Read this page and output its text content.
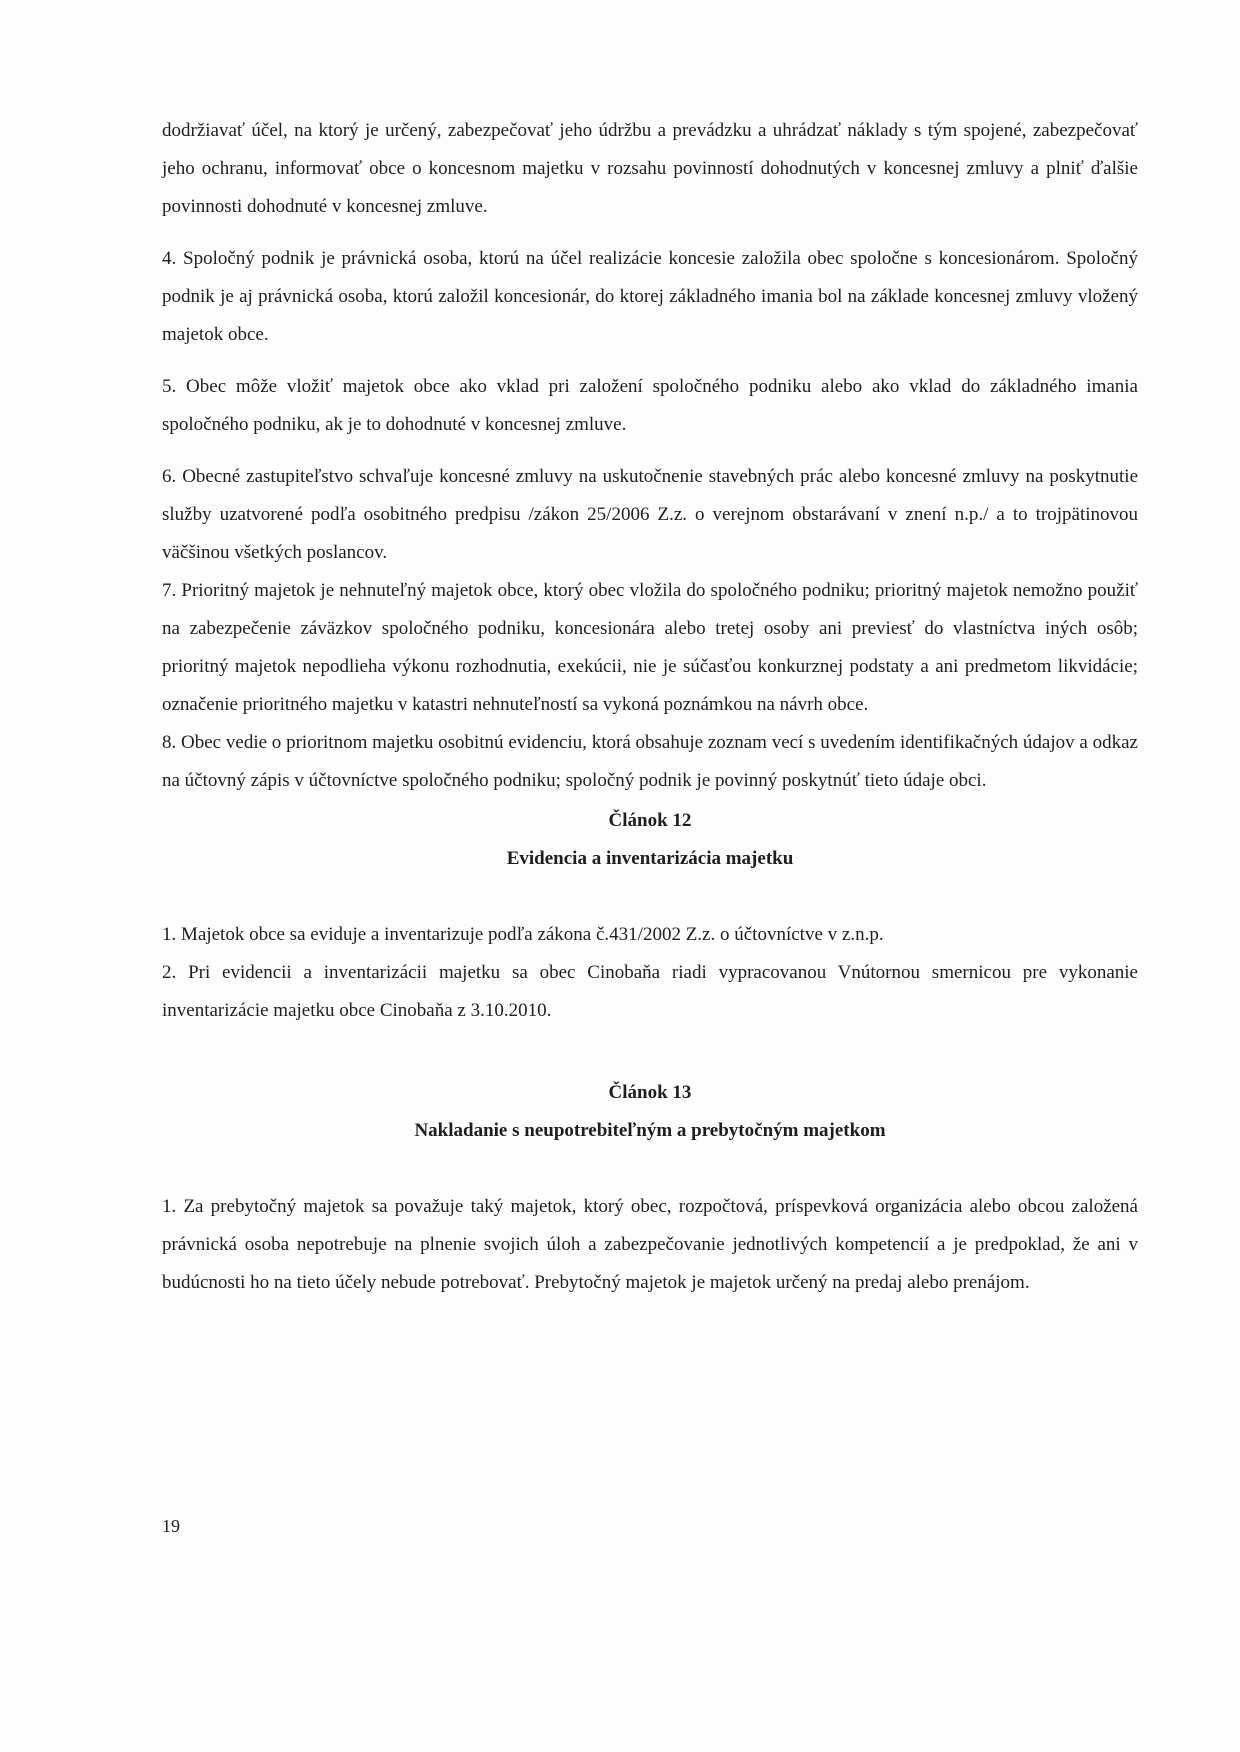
dodržiavať účel, na ktorý je určený, zabezpečovať jeho údržbu a prevádzku a uhrádzať náklady s tým spojené, zabezpečovať jeho ochranu, informovať obce o koncesnom majetku v rozsahu povinností dohodnutých v koncesnej zmluvy a plniť ďalšie povinnosti dohodnuté v koncesnej zmluve.

4. Spoločný podnik je právnická osoba, ktorú na účel realizácie koncesie založila obec spoločne s koncesionárom. Spoločný podnik je aj právnická osoba, ktorú založil koncesionár, do ktorej základného imania bol na základe koncesnej zmluvy vložený majetok obce.

5. Obec môže vložiť majetok obce ako vklad pri založení spoločného podniku alebo ako vklad do základného imania spoločného podniku, ak je to dohodnuté v koncesnej zmluve.

6. Obecné zastupiteľstvo schvaľuje koncesné zmluvy na uskutočnenie stavebných prác alebo koncesné zmluvy na poskytnutie služby uzatvorené podľa osobitného predpisu /zákon 25/2006 Z.z. o verejnom obstarávaní v znení n.p./ a to trojpätinovou väčšinou všetkých poslancov.

7. Prioritný majetok je nehnuteľný majetok obce, ktorý obec vložila do spoločného podniku; prioritný majetok nemožno použiť na zabezpečenie záväzkov spoločného podniku, koncesionára alebo tretej osoby ani previesť do vlastníctva iných osôb; prioritný majetok nepodlieha výkonu rozhodnutia, exekúcii, nie je súčasťou konkurznej podstaty a ani predmetom likvidácie; označenie prioritného majetku v katastri nehnuteľností sa vykoná poznámkou na návrh obce.

8. Obec vedie o prioritnom majetku osobitnú evidenciu, ktorá obsahuje zoznam vecí s uvedením identifikačných údajov a odkaz na účtovný zápis v účtovníctve spoločného podniku; spoločný podnik je povinný poskytnúť tieto údaje obci.

Článok 12

Evidencia a inventarizácia majetku

1. Majetok obce sa eviduje a inventarizuje podľa zákona č.431/2002 Z.z. o účtovníctve v z.n.p.

2. Pri evidencii a inventarizácii majetku sa obec Cinobaňa riadi vypracovanou Vnútornou smernicou pre vykonanie inventarizácie majetku obce Cinobaňa z 3.10.2010.

Článok 13

Nakladanie s neupotrebiteľným a prebytočným majetkom

1. Za prebytočný majetok sa považuje taký majetok, ktorý obec, rozpočtová, príspevková organizácia alebo obcou založená právnická osoba nepotrebuje na plnenie svojich úloh a zabezpečovanie jednotlivých kompetencií a je predpoklad, že ani v budúcnosti ho na tieto účely nebude potrebovať. Prebytočný majetok je majetok určený na predaj alebo prenájom.

19
